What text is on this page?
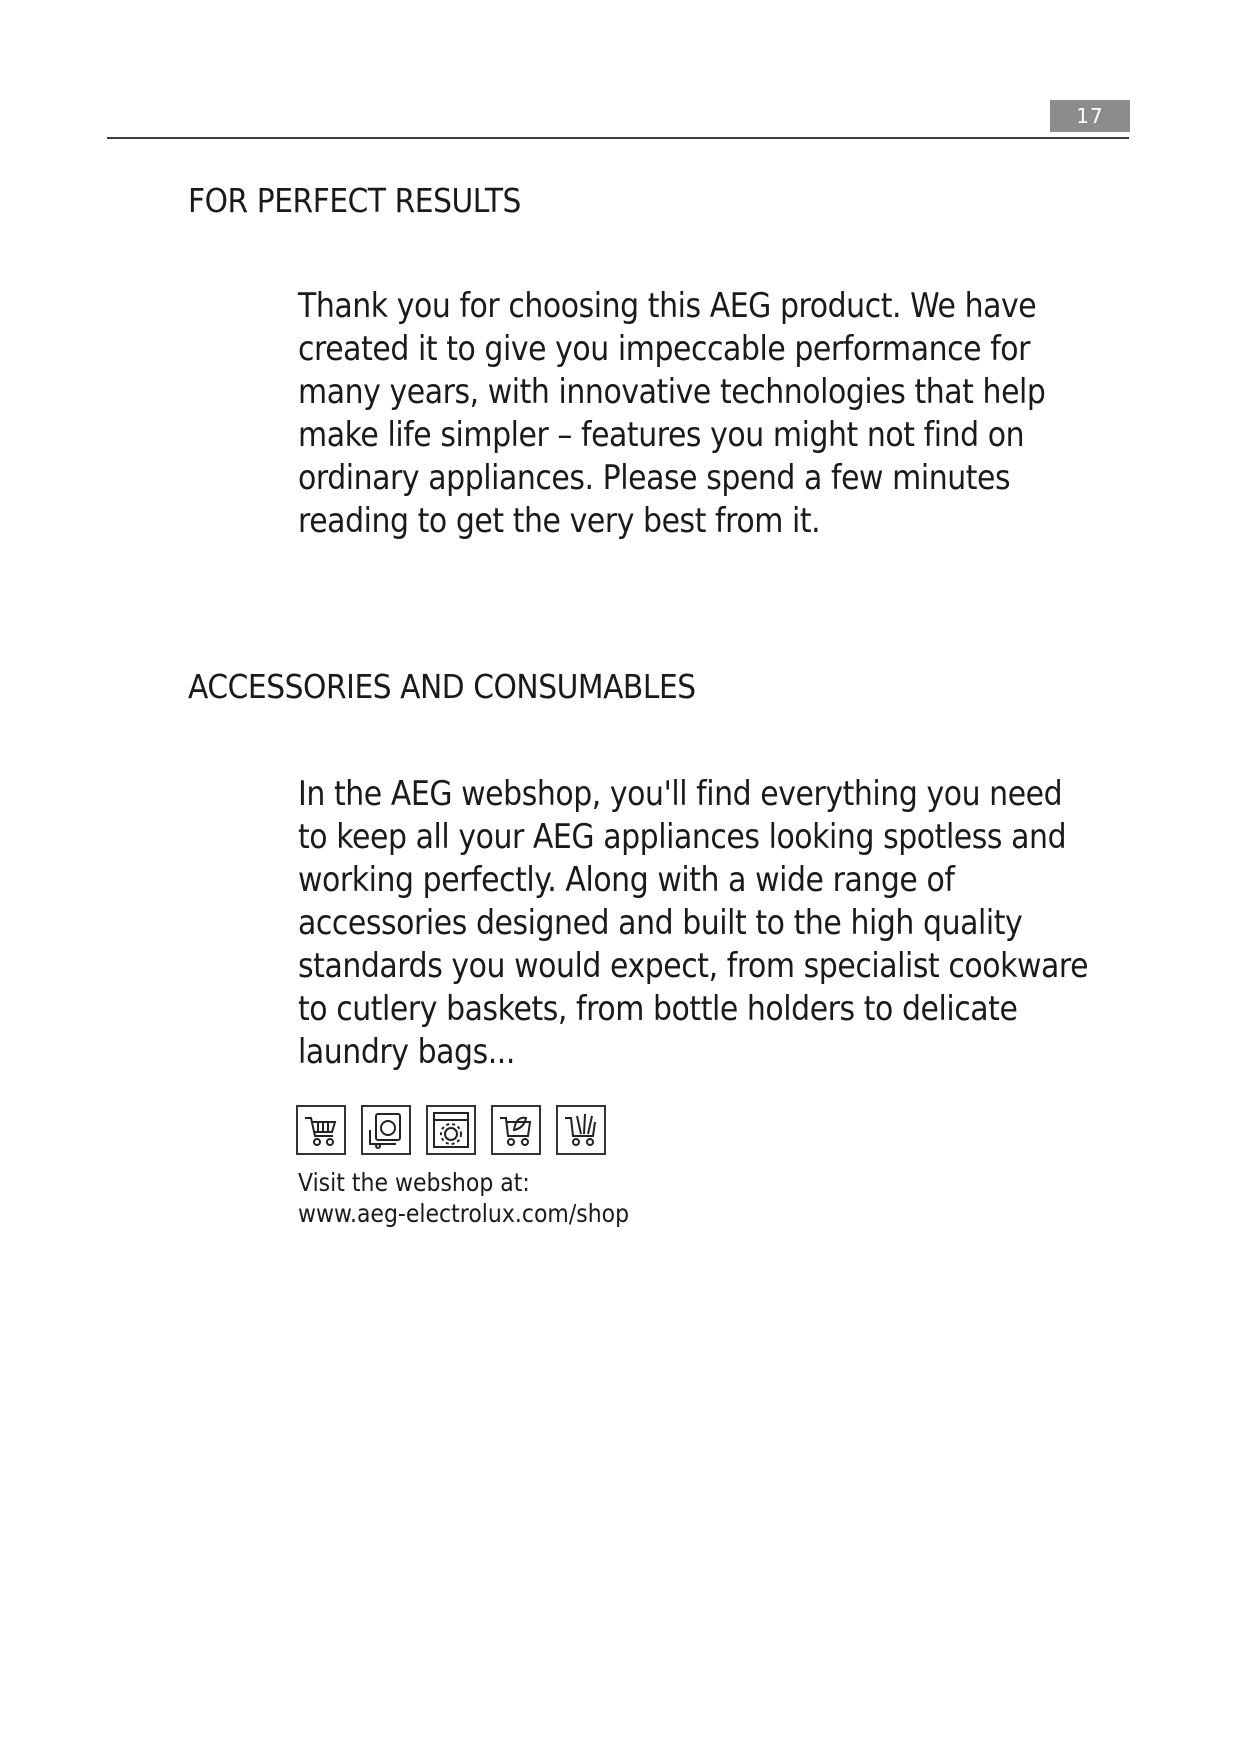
17
FOR PERFECT RESULTS

Thank you for choosing this AEG product. We have created it to give you impeccable performance for many years, with innovative technologies that help make life simpler – features you might not find on ordinary appliances. Please spend a few minutes reading to get the very best from it.

ACCESSORIES AND CONSUMABLES

In the AEG webshop, you'll find everything you need to keep all your AEG appliances looking spotless and working perfectly. Along with a wide range of accessories designed and built to the high quality standards you would expect, from specialist cookware to cutlery baskets, from bottle holders to delicate laundry bags...

Visit the webshop at:
www.aeg-electrolux.com/shop
